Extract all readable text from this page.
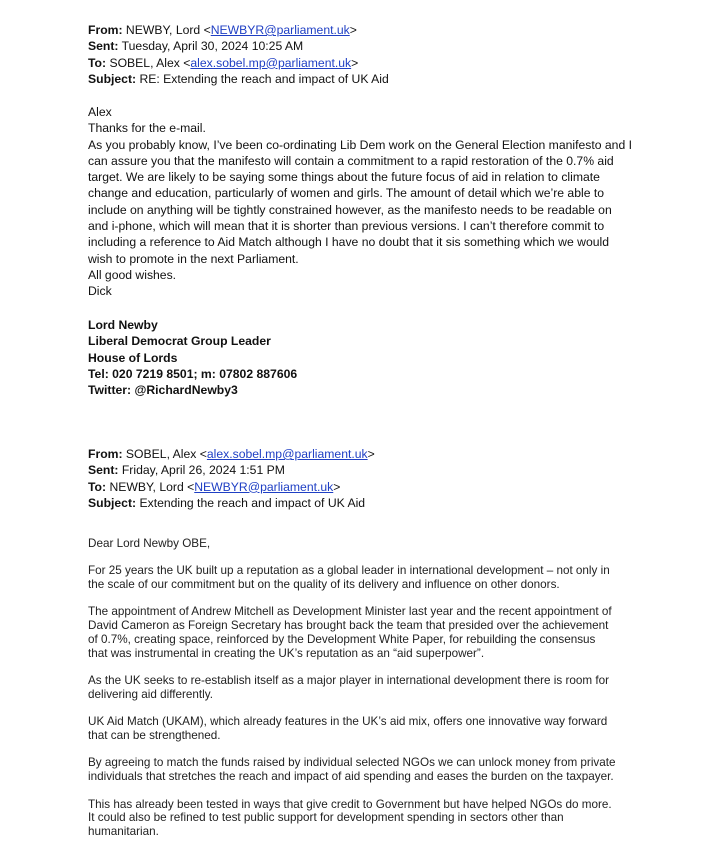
From: NEWBY, Lord <NEWBYR@parliament.uk>
Sent: Tuesday, April 30, 2024 10:25 AM
To: SOBEL, Alex <alex.sobel.mp@parliament.uk>
Subject: RE: Extending the reach and impact of UK Aid
Alex
Thanks for the e-mail.
As you probably know, I’ve been co-ordinating Lib Dem work on the General Election manifesto and I
can assure you that the manifesto will contain a commitment to a rapid restoration of the 0.7% aid
target. We are likely to be saying some things about the future focus of aid in relation to climate
change and education, particularly of women and girls. The amount of detail which we’re able to
include on anything will be tightly constrained however, as the manifesto needs to be readable on
and i-phone, which will mean that it is shorter than previous versions. I can’t therefore commit to
including a reference to Aid Match although I have no doubt that it sis something which we would
wish to promote in the next Parliament.
All good wishes.
Dick
Lord Newby
Liberal Democrat Group Leader
House of Lords
Tel: 020 7219 8501; m: 07802 887606
Twitter: @RichardNewby3
From: SOBEL, Alex <alex.sobel.mp@parliament.uk>
Sent: Friday, April 26, 2024 1:51 PM
To: NEWBY, Lord <NEWBYR@parliament.uk>
Subject: Extending the reach and impact of UK Aid

Dear Lord Newby OBE,

For 25 years the UK built up a reputation as a global leader in international development – not only in
the scale of our commitment but on the quality of its delivery and influence on other donors.

The appointment of Andrew Mitchell as Development Minister last year and the recent appointment of
David Cameron as Foreign Secretary has brought back the team that presided over the achievement
of 0.7%, creating space, reinforced by the Development White Paper, for rebuilding the consensus
that was instrumental in creating the UK’s reputation as an “aid superpower”.

As the UK seeks to re-establish itself as a major player in international development there is room for
delivering aid differently.

UK Aid Match (UKAM), which already features in the UK’s aid mix, offers one innovative way forward
that can be strengthened.

By agreeing to match the funds raised by individual selected NGOs we can unlock money from private
individuals that stretches the reach and impact of aid spending and eases the burden on the taxpayer.

This has already been tested in ways that give credit to Government but have helped NGOs do more.
It could also be refined to test public support for development spending in sectors other than
humanitarian.
